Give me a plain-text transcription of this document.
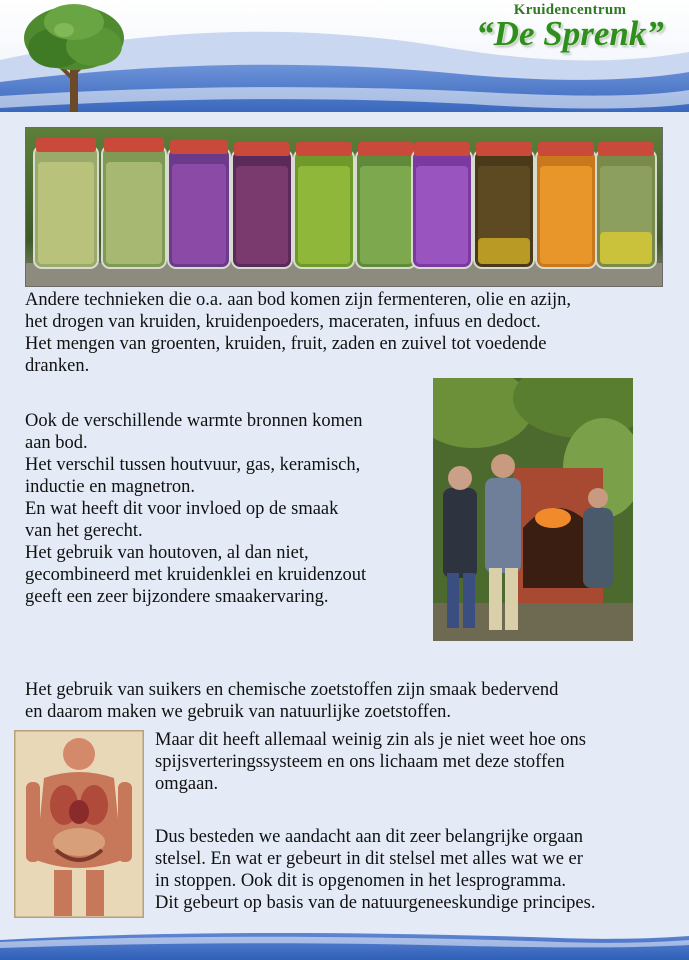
Kruidencentrum
“De Sprenk”
Andere technieken die o.a. aan bod komen zijn fermenteren, olie en azijn,
het drogen van kruiden, kruidenpoeders, maceraten, infuus en dedoct.
Het mengen van groenten, kruiden, fruit, zaden en zuivel tot voedende
dranken.
Ook de verschillende warmte bronnen komen
aan bod.
Het verschil tussen houtvuur, gas, keramisch,
inductie en magnetron.
En wat heeft dit voor invloed op de smaak
van het gerecht.
Het gebruik van houtoven, al dan niet,
gecombineerd met kruidenklei en kruidenzout
geeft een zeer bijzondere smaakervaring.
Het gebruik van suikers en chemische zoetstoffen zijn smaak bedervend
en daarom maken we gebruik van natuurlijke zoetstoffen.
Maar dit heeft allemaal weinig zin als je niet weet hoe ons
spijsverteringssysteem en ons lichaam met deze stoffen
omgaan.
Dus besteden we aandacht aan dit zeer belangrijke orgaan
stelsel. En wat er gebeurt in dit stelsel met alles wat we er
in stoppen. Ook dit is opgenomen in het lesprogramma.
Dit gebeurt op basis van de natuurgeneeskundige principes.
